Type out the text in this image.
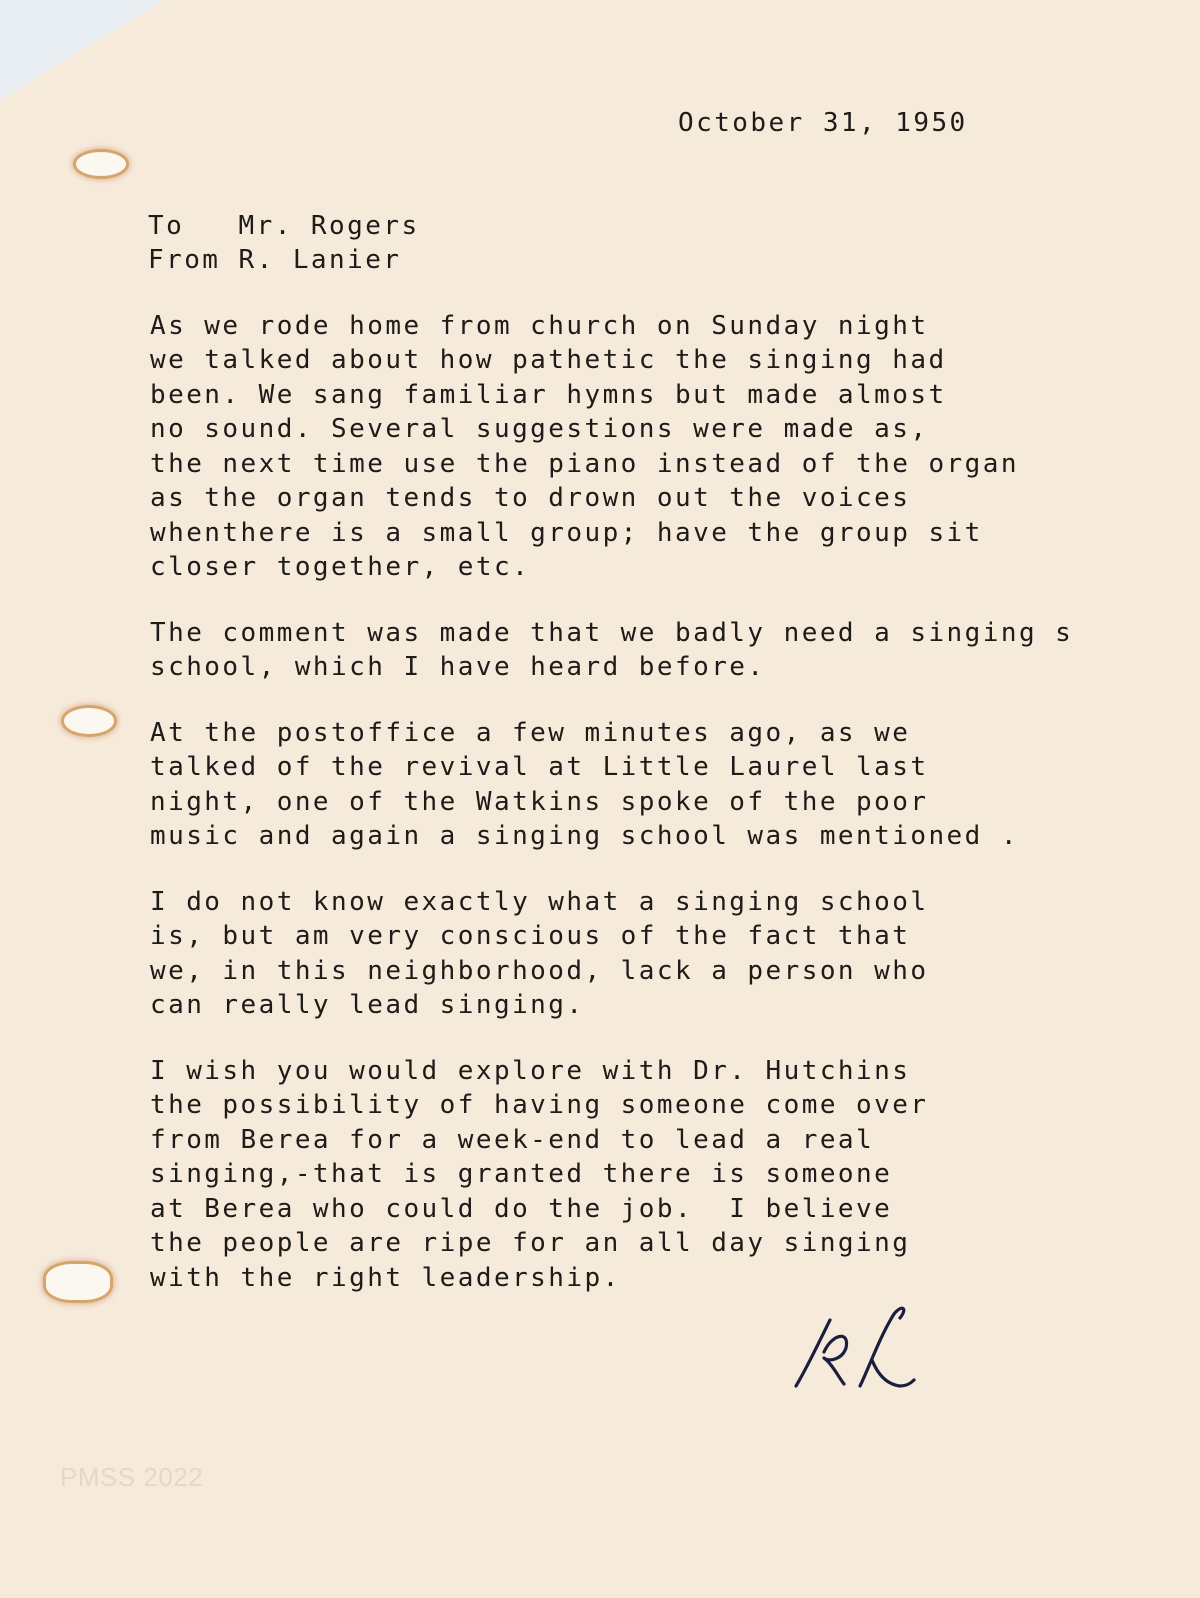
October 31, 1950

To   Mr. Rogers

From R. Lanier

As we rode home from church on Sunday night

we talked about how pathetic the singing had

been. We sang familiar hymns but made almost

no sound. Several suggestions were made as,

the next time use the piano instead of the organ

as the organ tends to drown out the voices

whenthere is a small group; have the group sit

closer together, etc.

The comment was made that we badly need a singing s

school, which I have heard before.

At the postoffice a few minutes ago, as we

talked of the revival at Little Laurel last

night, one of the Watkins spoke of the poor

music and again a singing school was mentioned .

I do not know exactly what a singing school

is, but am very conscious of the fact that

we, in this neighborhood, lack a person who

can really lead singing.

I wish you would explore with Dr. Hutchins

the possibility of having someone come over

from Berea for a week-end to lead a real

singing,-that is granted there is someone

at Berea who could do the job.  I believe

the people are ripe for an all day singing

with the right leadership.

PMSS 2022
